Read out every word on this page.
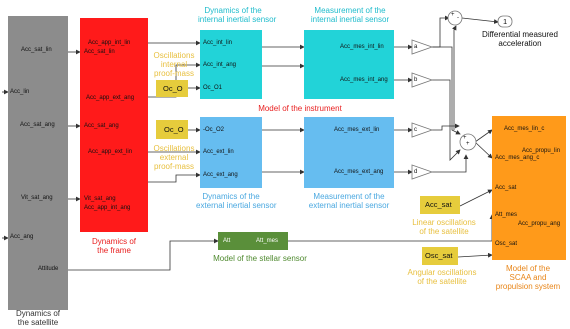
Acc_sat_lin
Acc_lin
Acc_sat_ang
Vit_sat_ang
Acc_ang
Attitude
Dynamics of
the satellite
Acc_app_int_lin
Acc_sat_lin
Acc_app_ext_ang
Acc_sat_ang
Acc_app_ext_lin
Vit_sat_ang
Acc_app_int_ang
Dynamics of
the frame
Oc_O
Oscillations
internal
proof-mass
Oc_O
Oscillations
external
proof-mass
Dynamics of the
internal inertial sensor
Acc_int_lin
Acc_int_ang
Oc_O1
Measurement of the
internal inertial sensor
Acc_mes_int_lin
Acc_mes_int_ang
Model of the instrument
-Oc_O2
Acc_ext_lin
Acc_ext_ang
Dynamics of the
external inertial sensor
Acc_mes_ext_lin
Acc_mes_ext_ang
Measurement of the
external inertial sensor
a
b
c
d
+
+
-
+
1
Differential measured
acceleration
Acc_mes_lin_c
Acc_propu_lin
Acc_mes_ang_c
Acc_sat
Att_mes
Acc_propu_ang
Osc_sat
Model of the
SCAA and
propulsion system
Acc_sat
Linear oscillations
of the satellite
Osc_sat
Angular oscillations
of the satellite
Att	Att_mes
Model of the stellar sensor
